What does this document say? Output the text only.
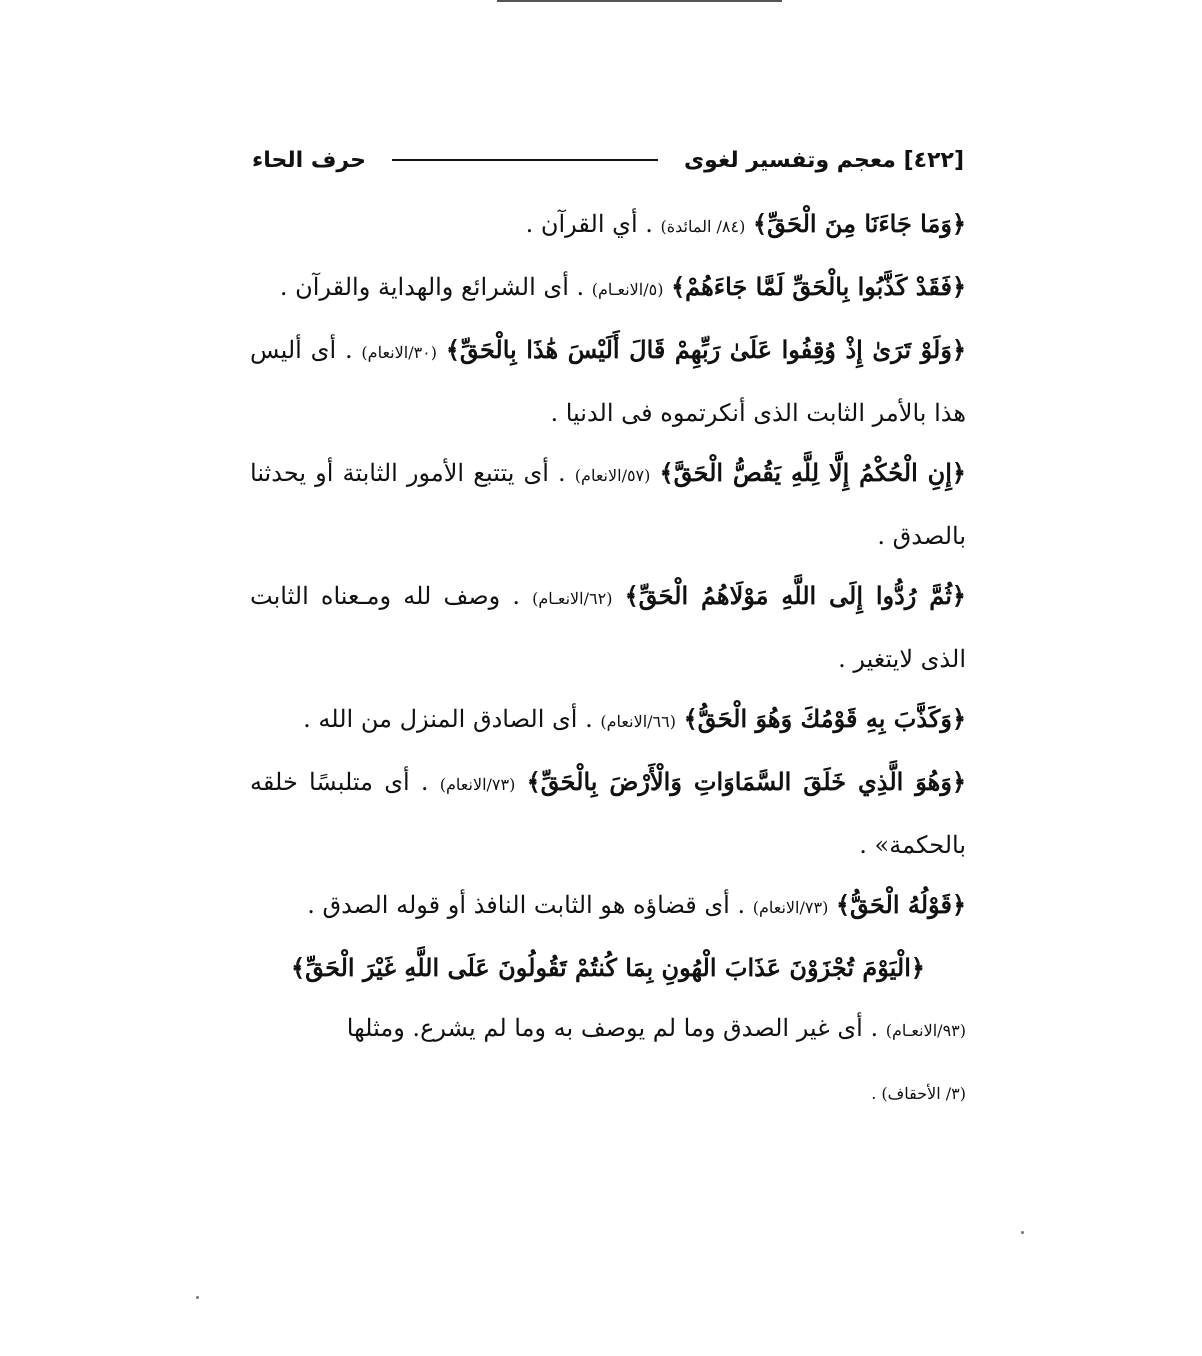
[٤٢٢] معجم وتفسير لغوى
حرف الحاء

﴿وَمَا جَاءَنَا مِنَ الْحَقِّ﴾ (٨٤/ المائدة) . أي القرآن .

﴿فَقَدْ كَذَّبُوا بِالْحَقِّ لَمَّا جَاءَهُمْ﴾ (٥/الانعـام) . أى الشرائع والهداية والقرآن .

﴿وَلَوْ تَرَىٰ إِذْ وُقِفُوا عَلَىٰ رَبِّهِمْ قَالَ أَلَيْسَ هَٰذَا بِالْحَقِّ﴾ (٣٠/الانعام) . أى أليس هذا بالأمر الثابت الذى أنكرتموه فى الدنيا .

﴿إِنِ الْحُكْمُ إِلَّا لِلَّهِ يَقُصُّ الْحَقَّ﴾ (٥٧/الانعام) . أى يتتبع الأمور الثابتة أو يحدثنا بالصدق .

﴿ثُمَّ رُدُّوا إِلَى اللَّهِ مَوْلَاهُمُ الْحَقِّ﴾ (٦٢/الانعـام) . وصف لله ومـعناه الثابت الذى لايتغير .

﴿وَكَذَّبَ بِهِ قَوْمُكَ وَهُوَ الْحَقُّ﴾ (٦٦/الانعام) . أى الصادق المنزل من الله .

﴿وَهُوَ الَّذِي خَلَقَ السَّمَاوَاتِ وَالْأَرْضَ بِالْحَقِّ﴾ (٧٣/الانعام) . أى متلبسًا خلقه بالحكمة» .

﴿قَوْلُهُ الْحَقُّ﴾ (٧٣/الانعام) . أى قضاؤه هو الثابت النافذ أو قوله الصدق .

﴿الْيَوْمَ تُجْزَوْنَ عَذَابَ الْهُونِ بِمَا كُنتُمْ تَقُولُونَ عَلَى اللَّهِ غَيْرَ الْحَقِّ﴾

(٩٣/الانعـام) . أى غير الصدق وما لم يوصف به وما لم يشرع. ومثلها

(٣/ الأحقاف) .
